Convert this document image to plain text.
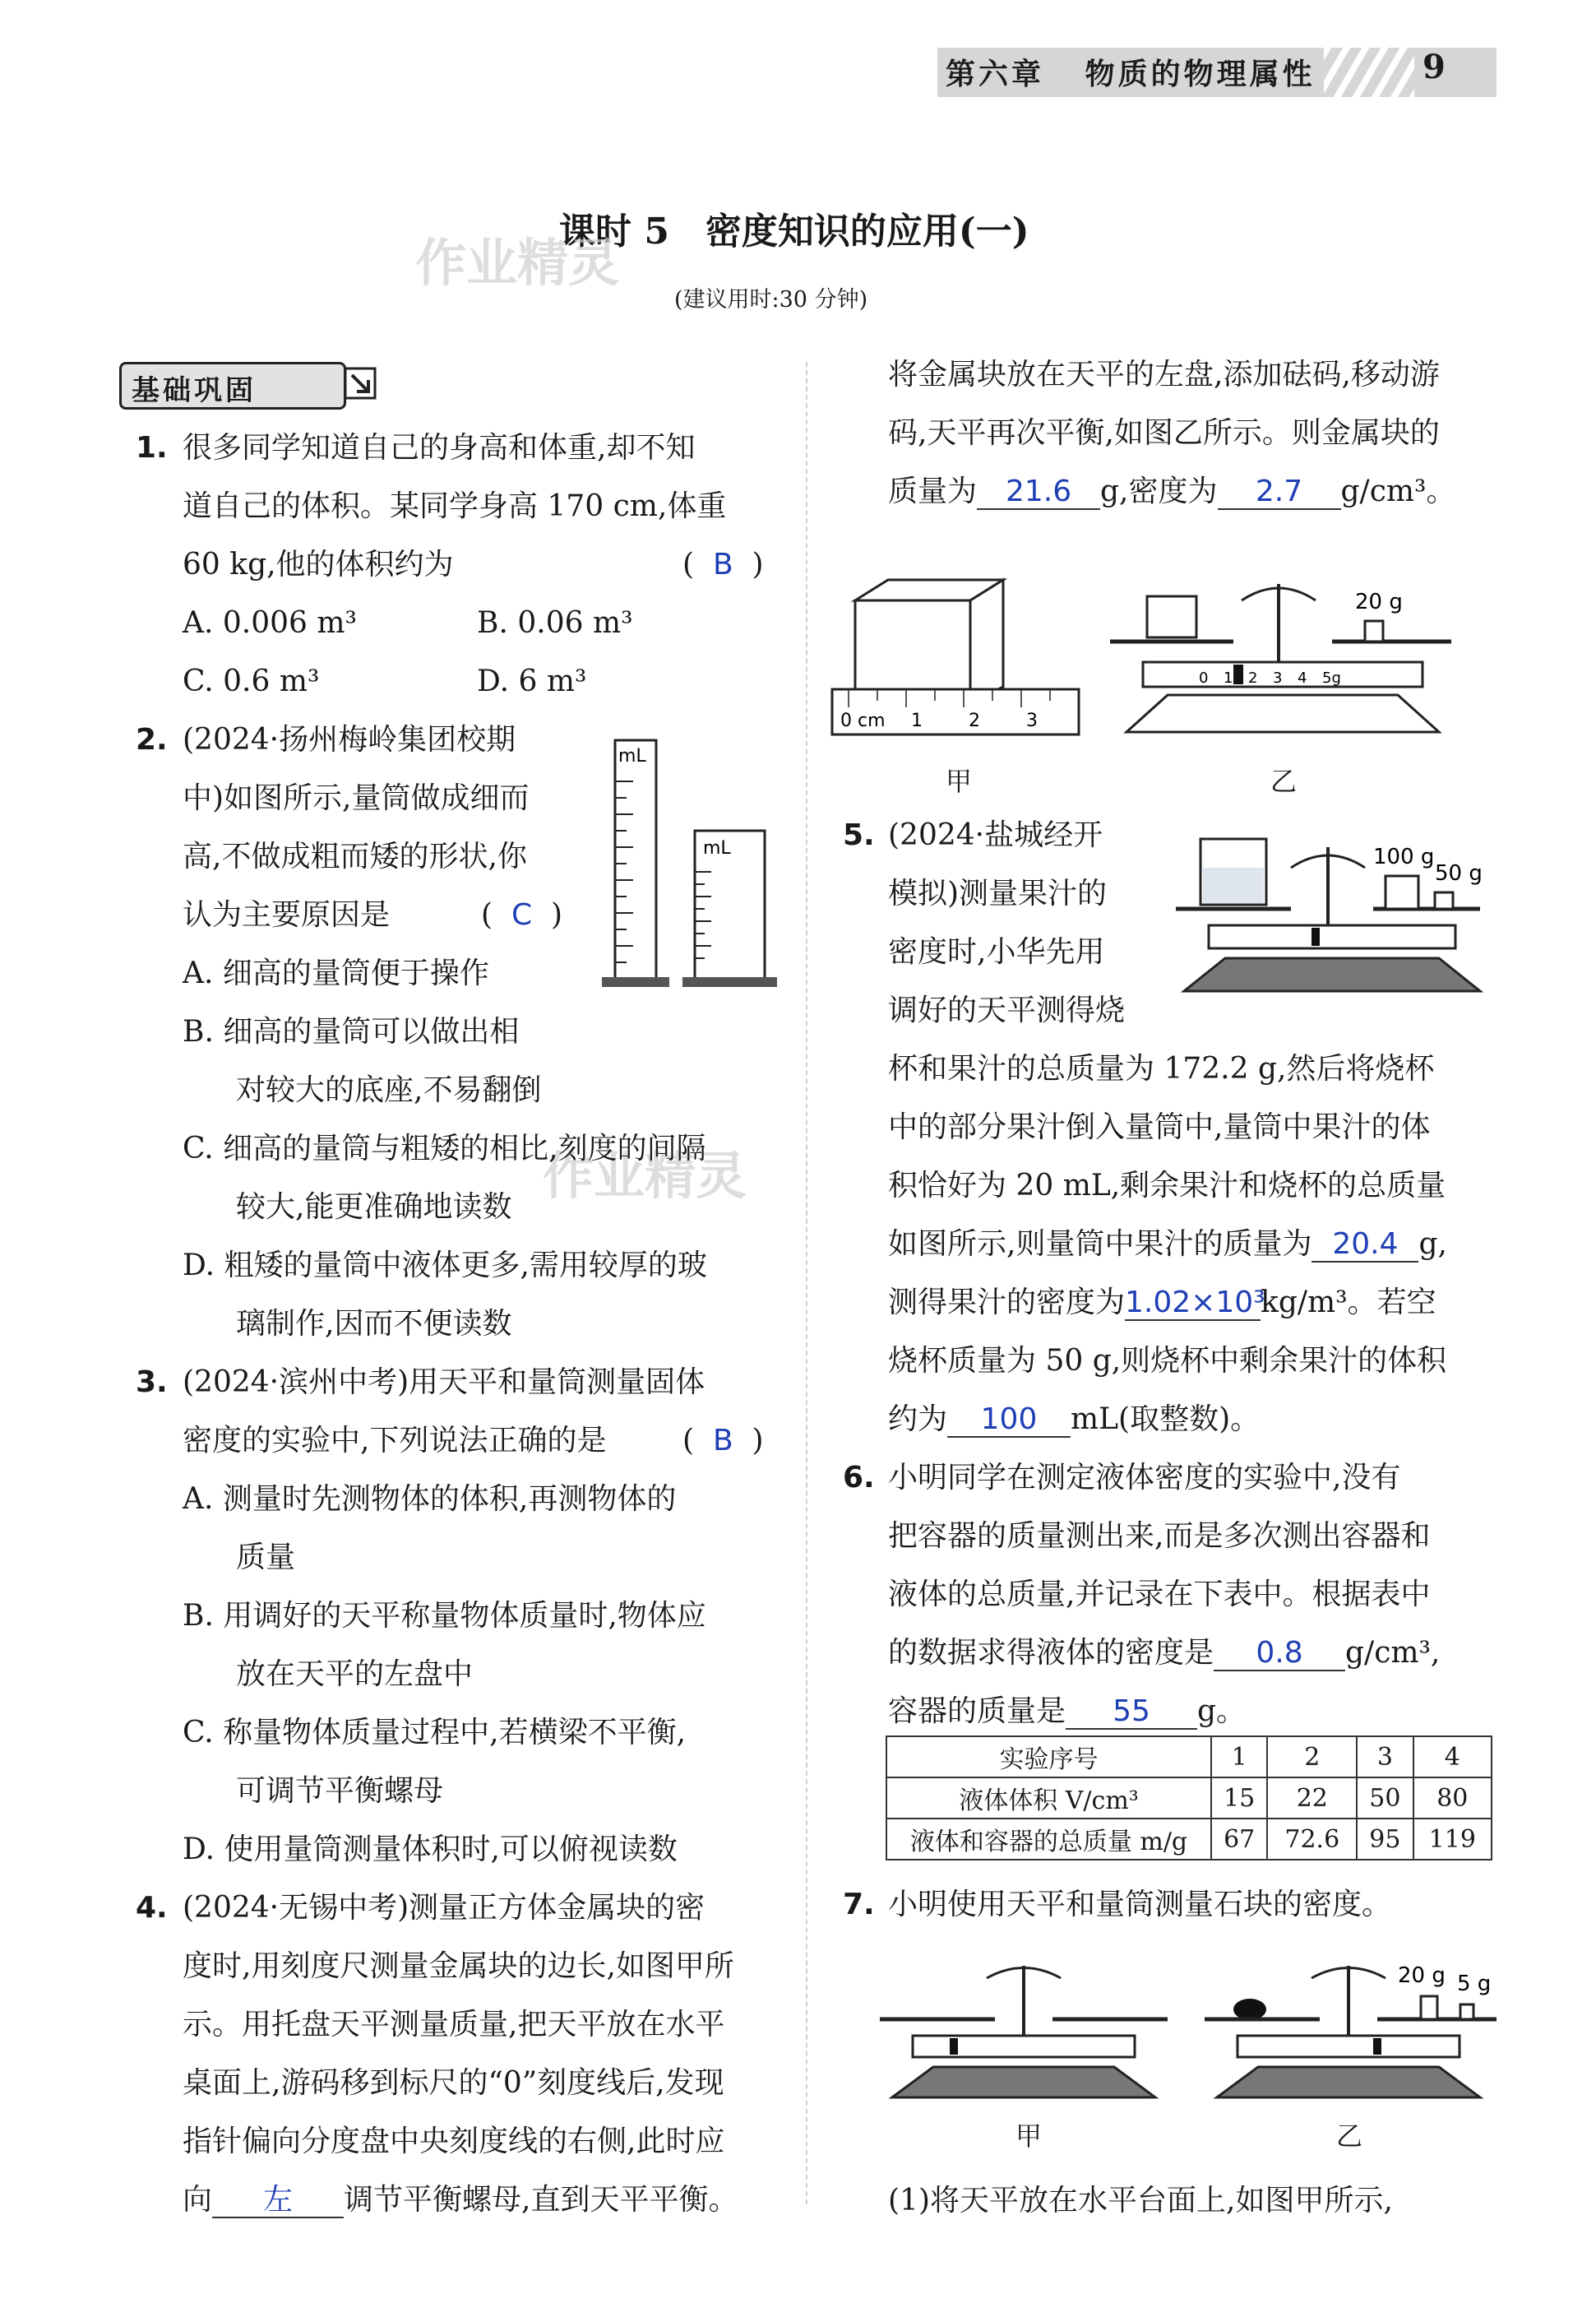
第六章 物质的物理属性	9
课时 5　密度知识的应用(一)
(建议用时:30 分钟)
作业精灵
作业精灵
基础巩固
1. 很多同学知道自己的身高和体重,却不知
道自己的体积。某同学身高 170 cm,体重
60 kg,他的体积约为	(  B  )
A. 0.006 m³	B. 0.06 m³
C. 0.6 m³	D. 6 m³
2. (2024·扬州梅岭集团校期
中)如图所示,量筒做成细而
高,不做成粗而矮的形状,你
认为主要原因是	(  C  )
A. 细高的量筒便于操作
B. 细高的量筒可以做出相
对较大的底座,不易翻倒
C. 细高的量筒与粗矮的相比,刻度的间隔
较大,能更准确地读数
D. 粗矮的量筒中液体更多,需用较厚的玻
璃制作,因而不便读数
3. (2024·滨州中考)用天平和量筒测量固体
密度的实验中,下列说法正确的是	(  B  )
A. 测量时先测物体的体积,再测物体的
质量
B. 用调好的天平称量物体质量时,物体应
放在天平的左盘中
C. 称量物体质量过程中,若横梁不平衡,
可调节平衡螺母
D. 使用量筒测量体积时,可以俯视读数
4. (2024·无锡中考)测量正方体金属块的密
度时,用刻度尺测量金属块的边长,如图甲所
示。用托盘天平测量质量,把天平放在水平
桌面上,游码移到标尺的“0”刻度线后,发现
指针偏向分度盘中央刻度线的右侧,此时应
向 左 调节平衡螺母,直到天平平衡。
mL
mL
将金属块放在天平的左盘,添加砝码,移动游
码,天平再次平衡,如图乙所示。则金属块的
质量为 21.6 g,密度为 2.7 g/cm³。
0 cm 1	2	3
甲
0 1 2 3 4 5g
20 g
乙
5. (2024·盐城经开
模拟)测量果汁的
密度时,小华先用
调好的天平测得烧
100 g
50 g
杯和果汁的总质量为 172.2 g,然后将烧杯
中的部分果汁倒入量筒中,量筒中果汁的体
积恰好为 20 mL,剩余果汁和烧杯的总质量
如图所示,则量筒中果汁的质量为 20.4 g,
测得果汁的密度为1.02×10³kg/m³。若空
烧杯质量为 50 g,则烧杯中剩余果汁的体积
约为 100 mL(取整数)。
6. 小明同学在测定液体密度的实验中,没有
把容器的质量测出来,而是多次测出容器和
液体的总质量,并记录在下表中。根据表中
的数据求得液体的密度是 0.8 g/cm³,
容器的质量是 55 g。
实验序号	1	2	3	4
液体体积 V/cm³	15	22	50	80
液体和容器的总质量 m/g	67	72.6	95	119
7. 小明使用天平和量筒测量石块的密度。
(1)将天平放在水平台面上,如图甲所示,
甲
20 g 5 g
乙
